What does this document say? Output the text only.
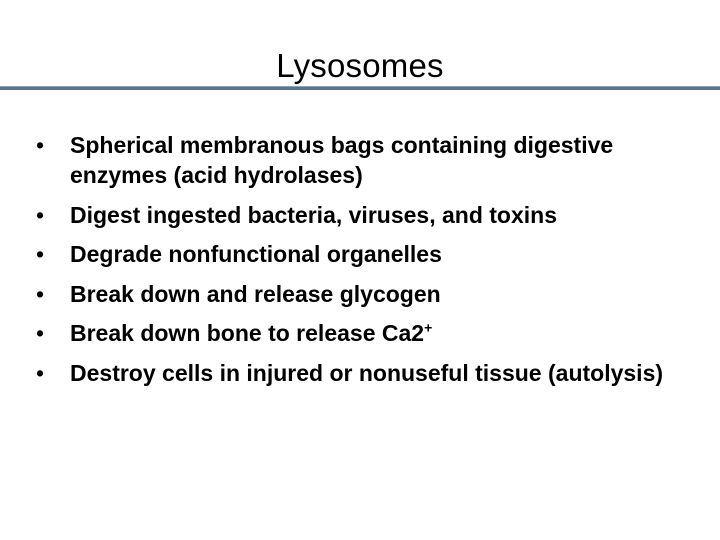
Lysosomes
• Spherical membranous bags containing digestive enzymes (acid hydrolases)
• Digest ingested bacteria, viruses, and toxins
• Degrade nonfunctional organelles
• Break down and release glycogen
• Break down bone to release Ca2+
• Destroy cells in injured or nonuseful tissue (autolysis)
